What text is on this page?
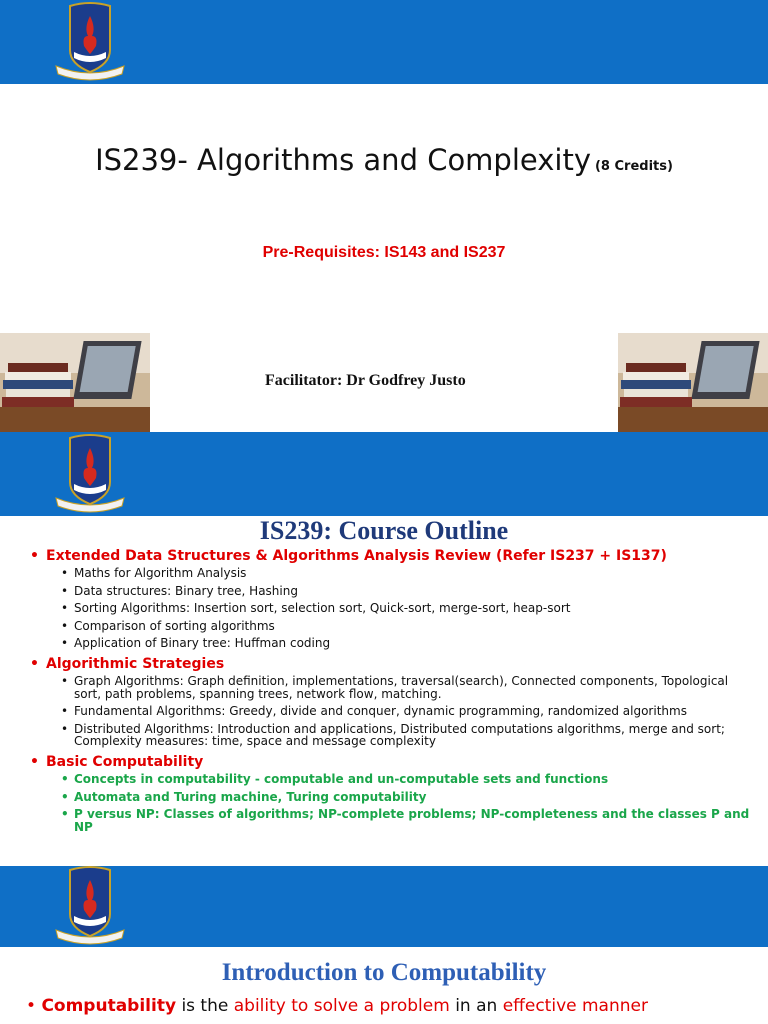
IS239- Algorithms and Complexity (8 Credits)
Pre-Requisites: IS143 and IS237
Facilitator: Dr Godfrey Justo
IS239: Course Outline
• Extended Data Structures & Algorithms Analysis Review (Refer IS237 + IS137)
• Maths for Algorithm Analysis
• Data structures: Binary tree, Hashing
• Sorting Algorithms: Insertion sort, selection sort, Quick-sort, merge-sort, heap-sort
• Comparison of sorting algorithms
• Application of Binary tree: Huffman coding
• Algorithmic Strategies
• Graph Algorithms: Graph definition, implementations, traversal(search), Connected components, Topological sort, path problems, spanning trees, network flow, matching.
• Fundamental Algorithms: Greedy, divide and conquer, dynamic programming, randomized algorithms
• Distributed Algorithms: Introduction and applications, Distributed computations algorithms, merge and sort; Complexity measures: time, space and message complexity
• Basic Computability
• Concepts in computability - computable and un-computable sets and functions
• Automata and Turing machine, Turing computability
• P versus NP: Classes of algorithms; NP-complete problems; NP-completeness and the classes P and NP
Introduction to Computability
• Computability is the ability to solve a problem in an effective manner
